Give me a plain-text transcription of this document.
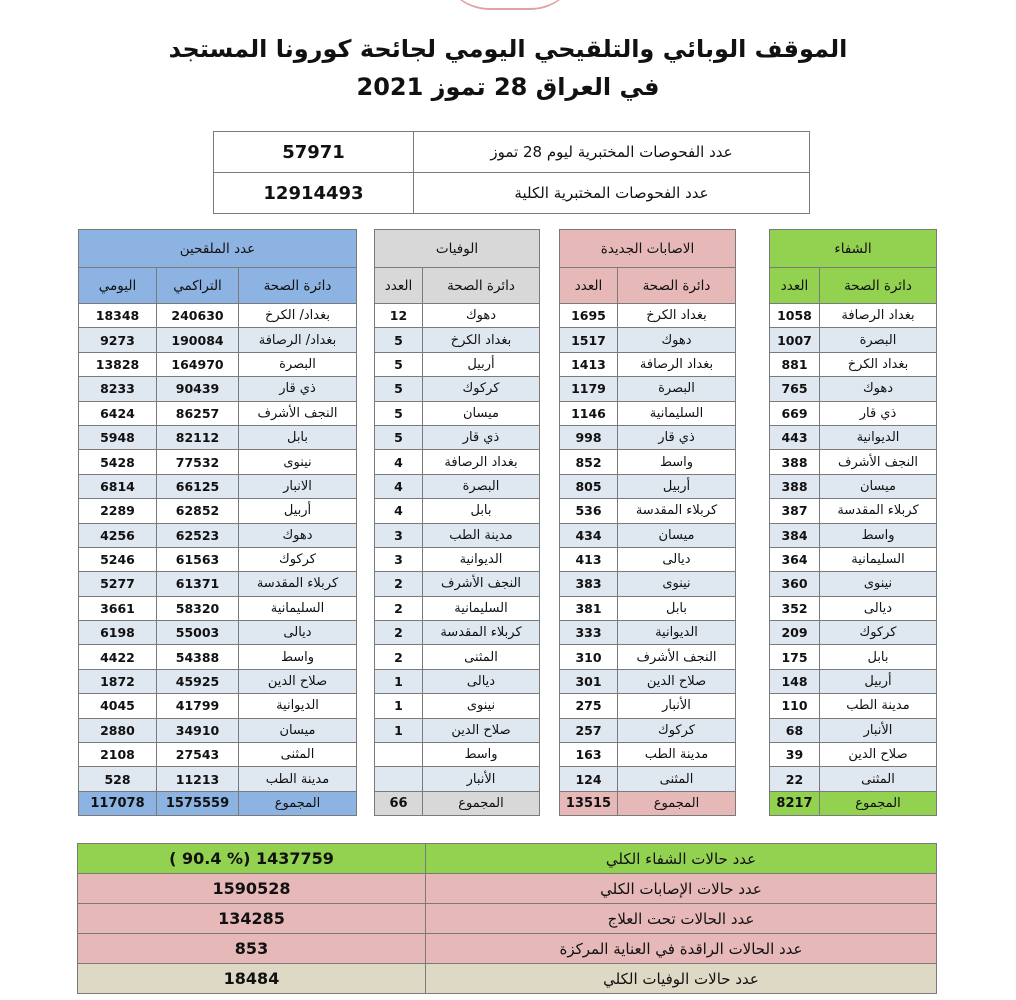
الموقف الوبائي والتلقيحي اليومي لجائحة كورونا المستجد
في العراق 28 تموز 2021
عدد الفحوصات المختبرية ليوم 28 تموز	57971
عدد الفحوصات المختبرية الكلية	12914493
الشفاء	
دائرة الصحة	العدد
بغداد الرصافة	1058
البصرة	1007
بغداد الكرخ	881
دهوك	765
ذي قار	669
الديوانية	443
النجف الأشرف	388
ميسان	388
كربلاء المقدسة	387
واسط	384
السليمانية	364
نينوى	360
ديالى	352
كركوك	209
بابل	175
أربيل	148
مدينة الطب	110
الأنبار	68
صلاح الدين	39
المثنى	22
المجموع	8217
الاصابات الجديدة	
دائرة الصحة	العدد
بغداد الكرخ	1695
دهوك	1517
بغداد الرصافة	1413
البصرة	1179
السليمانية	1146
ذي قار	998
واسط	852
أربيل	805
كربلاء المقدسة	536
ميسان	434
ديالى	413
نينوى	383
بابل	381
الديوانية	333
النجف الأشرف	310
صلاح الدين	301
الأنبار	275
كركوك	257
مدينة الطب	163
المثنى	124
المجموع	13515
الوفيات	
دائرة الصحة	العدد
دهوك	12
بغداد الكرخ	5
أربيل	5
كركوك	5
ميسان	5
ذي قار	5
بغداد الرصافة	4
البصرة	4
بابل	4
مدينة الطب	3
الديوانية	3
النجف الأشرف	2
السليمانية	2
كربلاء المقدسة	2
المثنى	2
ديالى	1
نينوى	1
صلاح الدين	1
واسط	
الأنبار	
المجموع	66
عدد الملقحين		
دائرة الصحة	التراكمي	اليومي
بغداد/ الكرخ	240630	18348
بغداد/ الرصافة	190084	9273
البصرة	164970	13828
ذي قار	90439	8233
النجف الأشرف	86257	6424
بابل	82112	5948
نينوى	77532	5428
الانبار	66125	6814
أربيل	62852	2289
دهوك	62523	4256
كركوك	61563	5246
كربلاء المقدسة	61371	5277
السليمانية	58320	3661
ديالى	55003	6198
واسط	54388	4422
صلاح الدين	45925	1872
الديوانية	41799	4045
ميسان	34910	2880
المثنى	27543	2108
مدينة الطب	11213	528
المجموع	1575559	117078
عدد حالات الشفاء الكلي	( 90.4 %) 1437759
عدد حالات الإصابات الكلي	1590528
عدد الحالات تحت العلاج	134285
عدد الحالات الراقدة في العناية المركزة	853
عدد حالات الوفيات الكلي	18484
